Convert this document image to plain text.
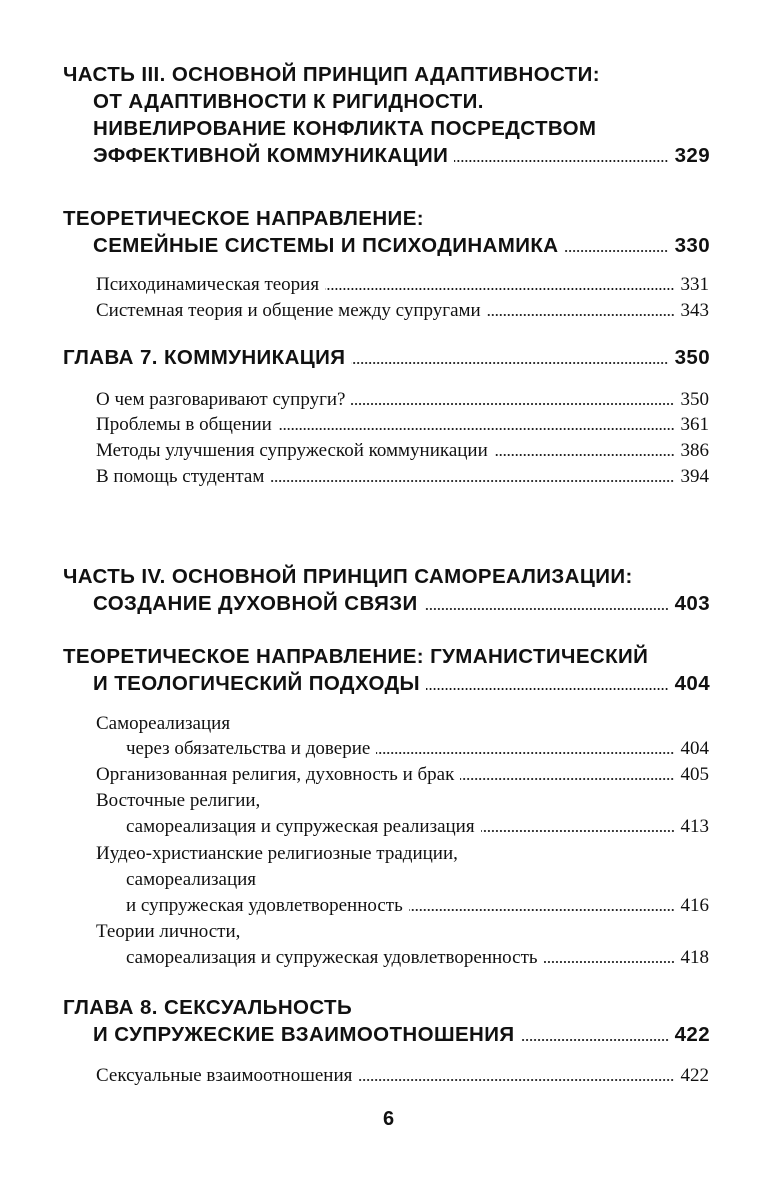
ЧАСТЬ III. ОСНОВНОЙ ПРИНЦИП АДАПТИВНОСТИ:
ОТ АДАПТИВНОСТИ К РИГИДНОСТИ.
НИВЕЛИРОВАНИЕ КОНФЛИКТА ПОСРЕДСТВОМ
ЭФФЕКТИВНОЙ КОММУНИКАЦИИ	329
ТЕОРЕТИЧЕСКОЕ НАПРАВЛЕНИЕ:
СЕМЕЙНЫЕ СИСТЕМЫ И ПСИХОДИНАМИКА	330
Психодинамическая теория	331
Системная теория и общение между супругами	343
ГЛАВА 7. КОММУНИКАЦИЯ	350
О чем разговаривают супруги?	350
Проблемы в общении	361
Методы улучшения супружеской коммуникации	386
В помощь студентам	394
ЧАСТЬ IV. ОСНОВНОЙ ПРИНЦИП САМОРЕАЛИЗАЦИИ:
СОЗДАНИЕ ДУХОВНОЙ СВЯЗИ	403
ТЕОРЕТИЧЕСКОЕ НАПРАВЛЕНИЕ: ГУМАНИСТИЧЕСКИЙ
И ТЕОЛОГИЧЕСКИЙ ПОДХОДЫ	404
Самореализация
через обязательства и доверие	404
Организованная религия, духовность и брак	405
Восточные религии,
самореализация и супружеская реализация	413
Иудео-христианские религиозные традиции,
самореализация
и супружеская удовлетворенность	416
Теории личности,
самореализация и супружеская удовлетворенность	418
ГЛАВА 8. СЕКСУАЛЬНОСТЬ
И СУПРУЖЕСКИЕ ВЗАИМООТНОШЕНИЯ	422
Сексуальные взаимоотношения	422
6
